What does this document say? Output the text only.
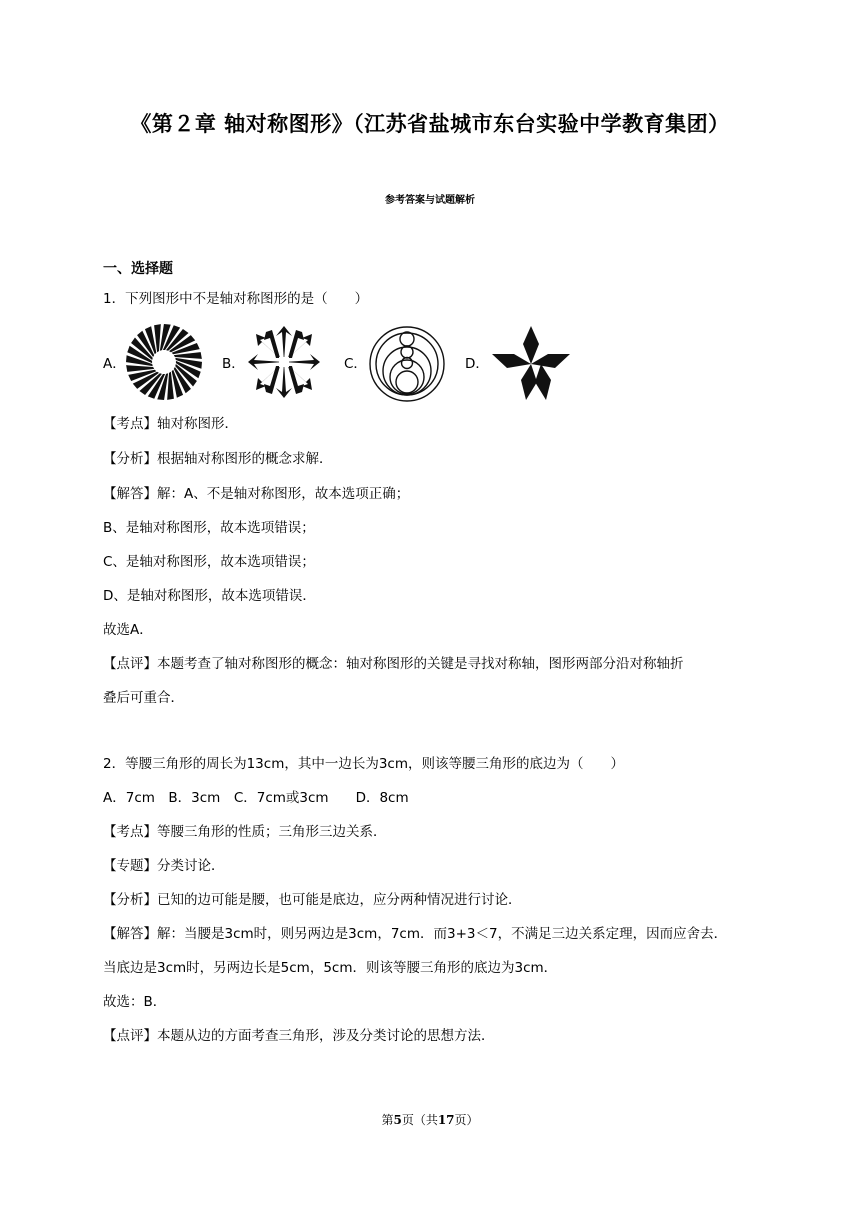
《第２章 轴对称图形》（江苏省盐城市东台实验中学教育集团）
参考答案与试题解析
一、选择题
1．下列图形中不是轴对称图形的是（　　）
A．	B．	C．	D．
【考点】轴对称图形．
【分析】根据轴对称图形的概念求解．
【解答】解：A、不是轴对称图形，故本选项正确；
B、是轴对称图形，故本选项错误；
C、是轴对称图形，故本选项错误；
D、是轴对称图形，故本选项错误．
故选A．
【点评】本题考查了轴对称图形的概念：轴对称图形的关键是寻找对称轴，图形两部分沿对称轴折
叠后可重合．
2．等腰三角形的周长为13cm，其中一边长为3cm，则该等腰三角形的底边为（　　）
A．7cm　B．3cm　C．7cm或3cm　　D．8cm
【考点】等腰三角形的性质；三角形三边关系．
【专题】分类讨论．
【分析】已知的边可能是腰，也可能是底边，应分两种情况进行讨论．
【解答】解：当腰是3cm时，则另两边是3cm，7cm．而3+3＜7，不满足三边关系定理，因而应舍去．
当底边是3cm时，另两边长是5cm，5cm．则该等腰三角形的底边为3cm．
故选：B．
【点评】本题从边的方面考查三角形，涉及分类讨论的思想方法．
第5页（共17页）
